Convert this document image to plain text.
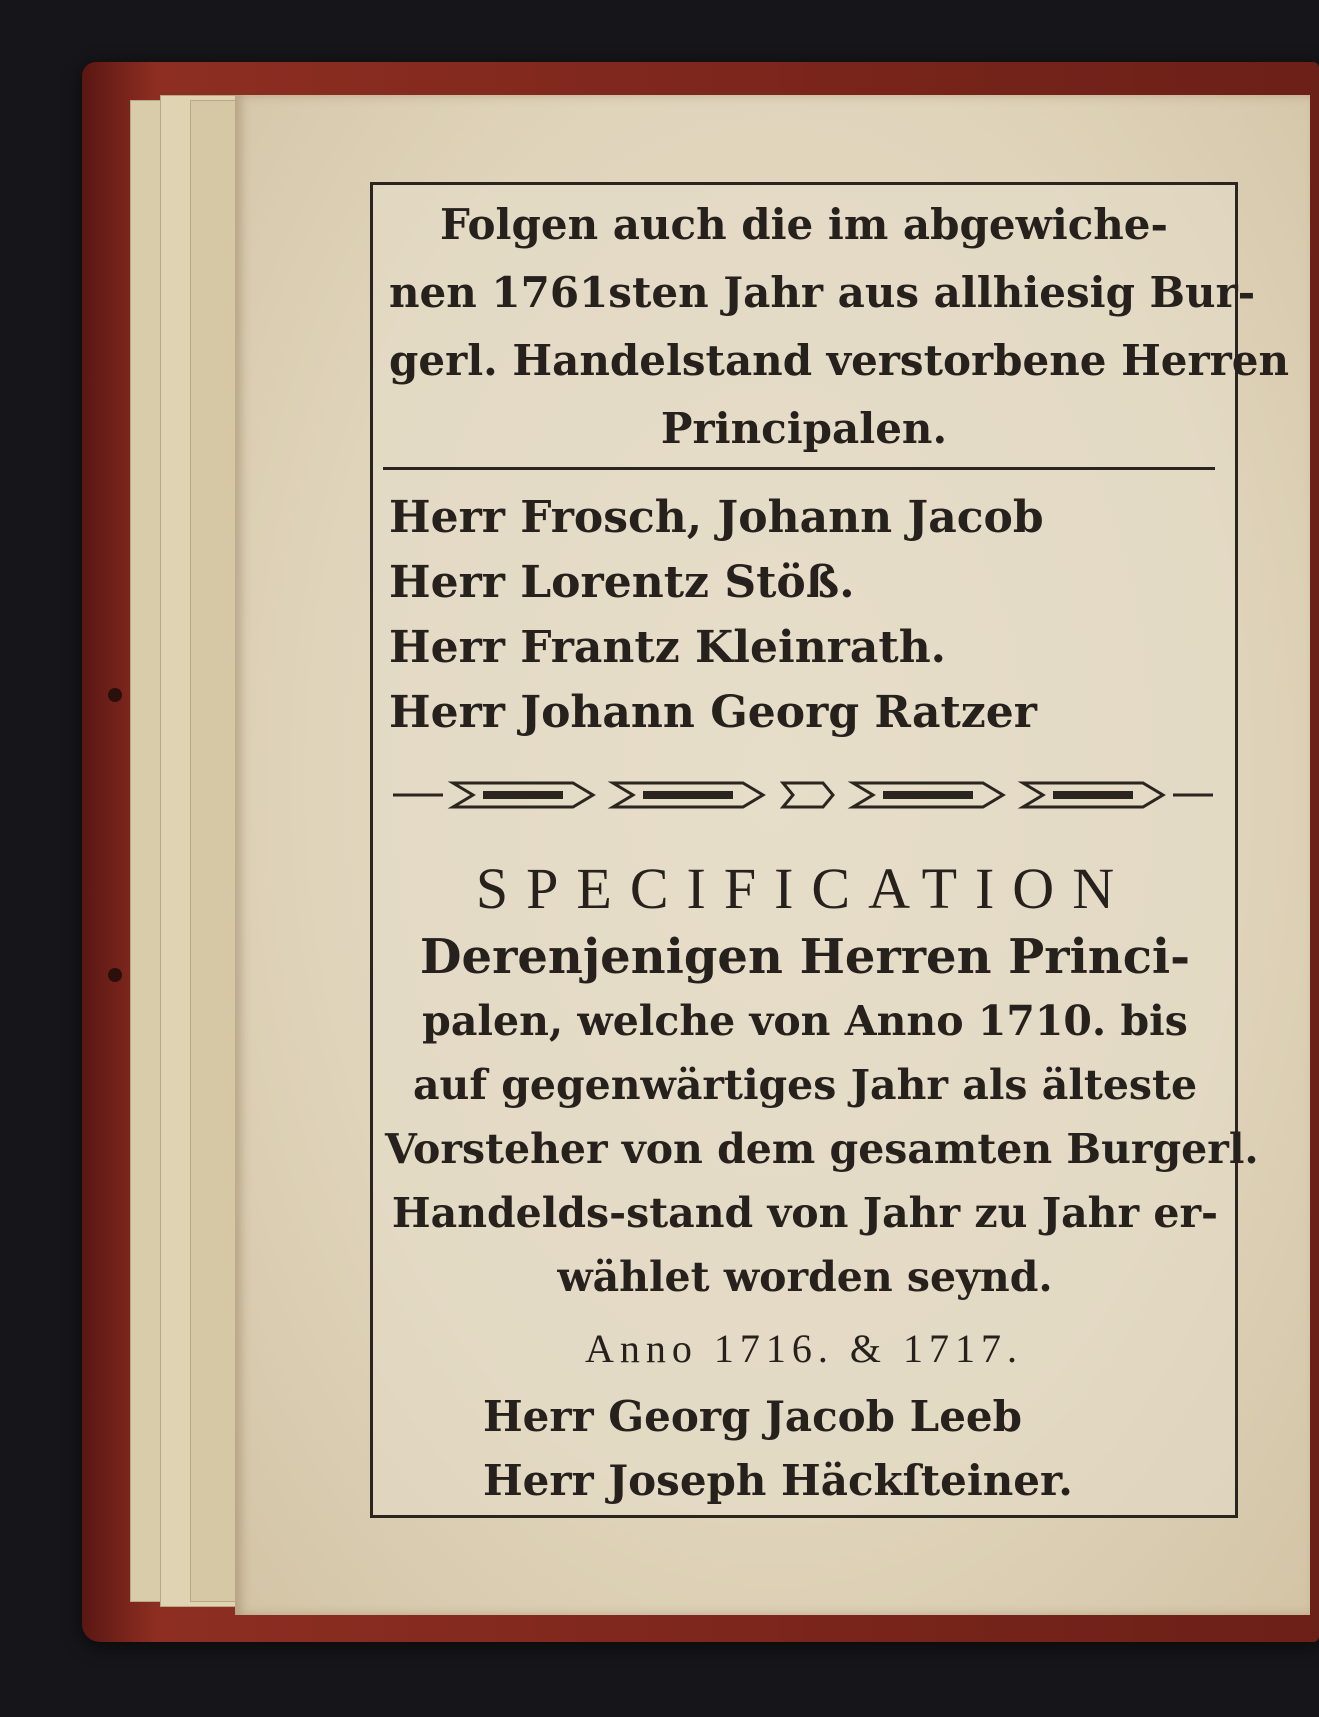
Folgen auch die im abgewiche-
nen 1761sten Jahr aus allhiesig Bur-
gerl. Handelstand verstorbene Herren
Principalen.
Herr Frosch, Johann Jacob
Herr Lorentz Stöß.
Herr Frantz Kleinrath.
Herr Johann Georg Ratzer
SPECIFICATION
Derenjenigen Herren Princi-
palen, welche von Anno 1710. bis
auf gegenwärtiges Jahr als älteste
Vorsteher von dem gesamten Burgerl.
Handelds-stand von Jahr zu Jahr er-
wählet worden seynd.
Anno 1716. & 1717.
Herr Georg Jacob Leeb
Herr Joseph Häckſteiner.
